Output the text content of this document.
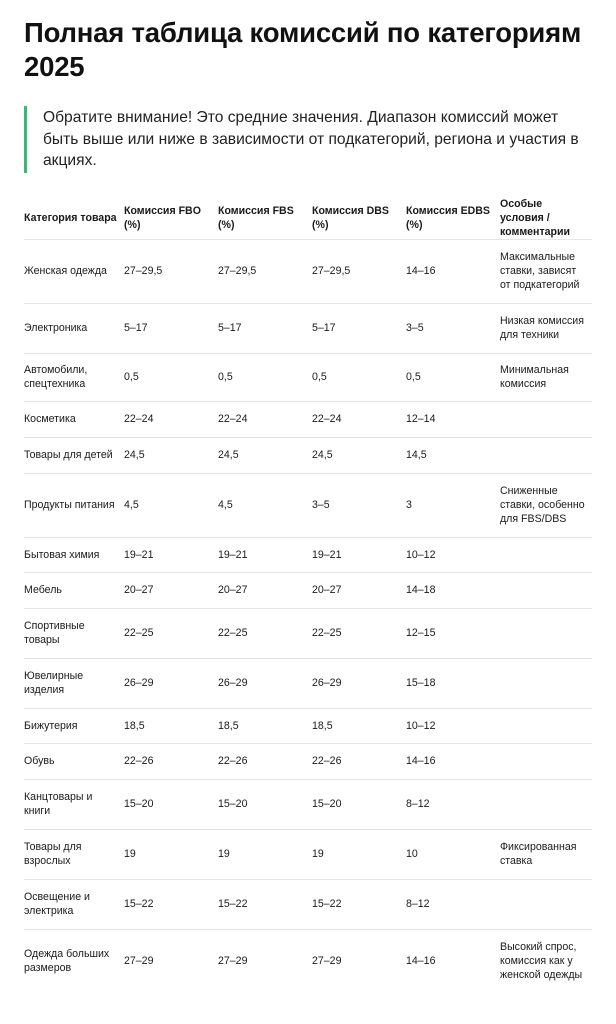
Полная таблица комиссий по категориям 2025
Обратите внимание! Это средние значения. Диапазон комиссий может быть выше или ниже в зависимости от подкатегорий, региона и участия в акциях.
Категория товара	Комиссия FBO (%)	Комиссия FBS (%)	Комиссия DBS (%)	Комиссия EDBS (%)	Особые условия / комментарии
Женская одежда	27–29,5	27–29,5	27–29,5	14–16	Максимальные ставки, зависят от подкатегорий
Электроника	5–17	5–17	5–17	3–5	Низкая комиссия для техники
Автомобили, спецтехника	0,5	0,5	0,5	0,5	Минимальная комиссия
Косметика	22–24	22–24	22–24	12–14	
Товары для детей	24,5	24,5	24,5	14,5	
Продукты питания	4,5	4,5	3–5	3	Сниженные ставки, особенно для FBS/DBS
Бытовая химия	19–21	19–21	19–21	10–12	
Мебель	20–27	20–27	20–27	14–18	
Спортивные товары	22–25	22–25	22–25	12–15	
Ювелирные изделия	26–29	26–29	26–29	15–18	
Бижутерия	18,5	18,5	18,5	10–12	
Обувь	22–26	22–26	22–26	14–16	
Канцтовары и книги	15–20	15–20	15–20	8–12	
Товары для взрослых	19	19	19	10	Фиксированная ставка
Освещение и электрика	15–22	15–22	15–22	8–12	
Одежда больших размеров	27–29	27–29	27–29	14–16	Высокий спрос, комиссия как у женской одежды
